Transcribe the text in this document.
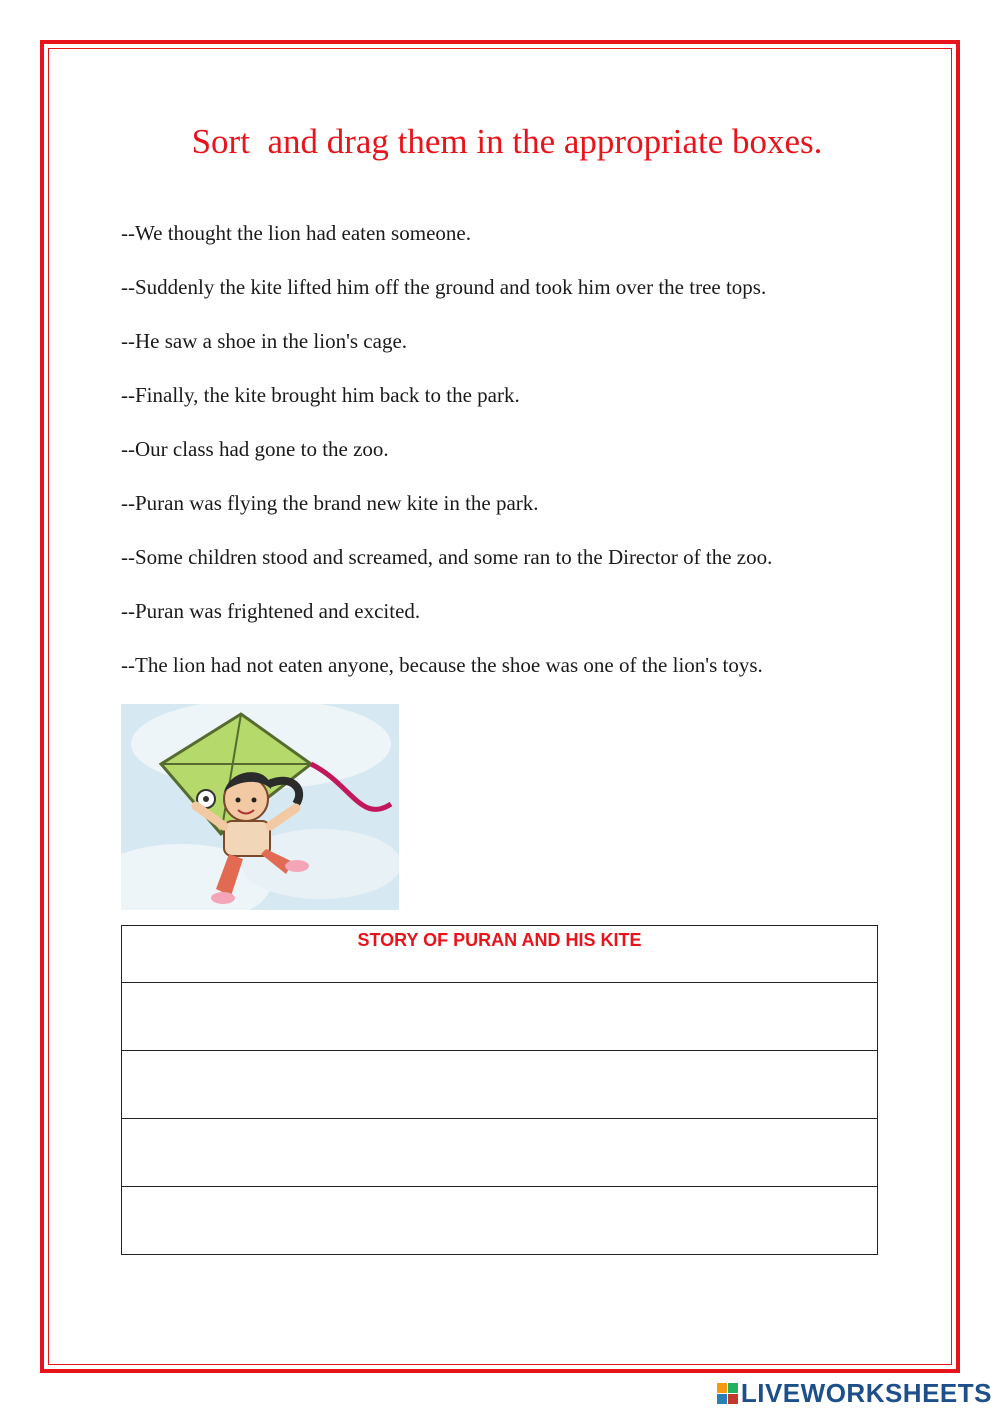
Sort  and drag them in the appropriate boxes.
--We thought the lion had eaten someone.
--Suddenly the kite lifted him off the ground and took him over the tree tops.
--He saw a shoe in the lion's cage.
--Finally, the kite brought him back to the park.
--Our class had gone to the zoo.
--Puran was flying the brand new kite in the park.
--Some children stood and screamed, and some ran to the Director of the zoo.
--Puran was frightened and excited.
--The lion had not eaten anyone, because the shoe was one of the lion's toys.
STORY OF PURAN AND HIS KITE

LIVEWORKSHEETS
